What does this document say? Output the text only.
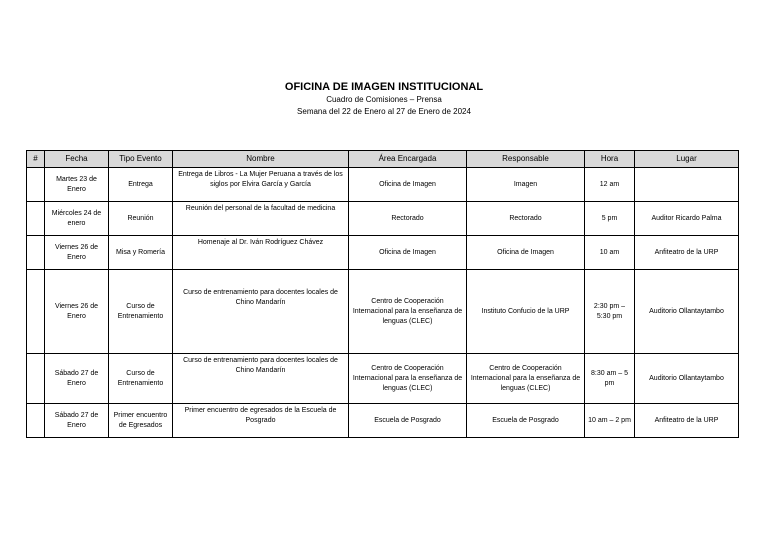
OFICINA DE IMAGEN INSTITUCIONAL
Cuadro de Comisiones – Prensa
Semana del 22 de Enero al 27 de Enero de 2024
#	Fecha	Tipo Evento	Nombre	Área Encargada	Responsable	Hora	Lugar
	Martes 23 de Enero	Entrega	Entrega de Libros - La Mujer Peruana a través de los siglos por Elvira García y García	Oficina de Imagen	Imagen	12 am	
	Miércoles 24 de enero	Reunión	Reunión del personal de la facultad de medicina	Rectorado	Rectorado	5 pm	Auditor Ricardo Palma
	Viernes 26 de Enero	Misa y Romería	Homenaje al Dr. Iván Rodríguez Chávez	Oficina de Imagen	Oficina de Imagen	10 am	Anfiteatro de la URP
	Viernes 26 de Enero	Curso de Entrenamiento	Curso de entrenamiento para docentes locales de Chino Mandarín	Centro de Cooperación Internacional para la enseñanza de lenguas (CLEC)	Instituto Confucio de la URP	2:30 pm – 5:30 pm	Auditorio Ollantaytambo
	Sábado 27 de Enero	Curso de Entrenamiento	Curso de entrenamiento para docentes locales de Chino Mandarín	Centro de Cooperación Internacional para la enseñanza de lenguas (CLEC)	Centro de Cooperación Internacional para la enseñanza de lenguas (CLEC)	8:30 am – 5 pm	Auditorio Ollantaytambo
	Sábado 27 de Enero	Primer encuentro de Egresados	Primer encuentro de egresados de la Escuela de Posgrado	Escuela de Posgrado	Escuela de Posgrado	10 am – 2 pm	Anfiteatro de la URP
